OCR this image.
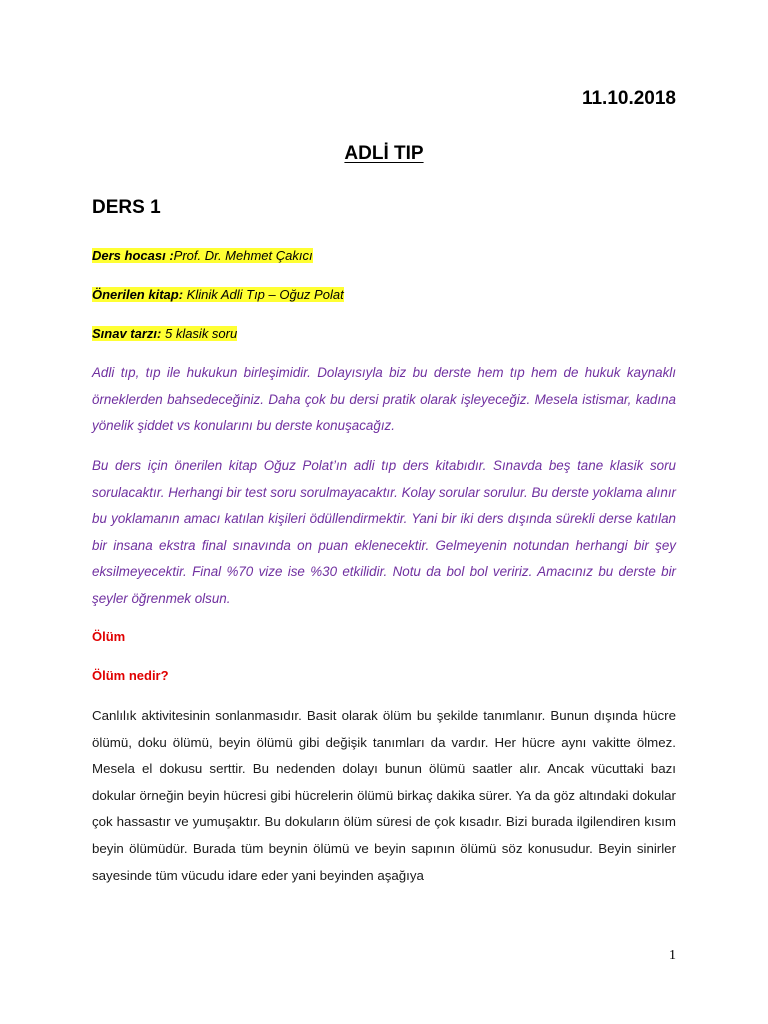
11.10.2018
ADLİ TIP
DERS 1
Ders hocası :Prof. Dr. Mehmet Çakıcı
Önerilen kitap: Klinik Adli Tıp – Oğuz Polat
Sınav tarzı: 5 klasik soru

Adli tıp, tıp ile hukukun birleşimidir. Dolayısıyla biz bu derste hem tıp hem de hukuk kaynaklı örneklerden bahsedeceğiniz. Daha çok bu dersi pratik olarak işleyeceğiz. Mesela istismar, kadına yönelik şiddet vs konularını bu derste konuşacağız.

Bu ders için önerilen kitap Oğuz Polat’ın adli tıp ders kitabıdır. Sınavda beş tane klasik soru sorulacaktır. Herhangi bir test soru sorulmayacaktır. Kolay sorular sorulur. Bu derste yoklama alınır bu yoklamanın amacı katılan kişileri ödüllendirmektir. Yani bir iki ders dışında sürekli derse katılan bir insana ekstra final sınavında on puan eklenecektir. Gelmeyenin notundan herhangi bir şey eksilmeyecektir. Final %70 vize ise %30 etkilidir. Notu da bol bol veririz. Amacınız bu derste bir şeyler öğrenmek olsun.

Ölüm
Ölüm nedir?

Canlılık aktivitesinin sonlanmasıdır. Basit olarak ölüm bu şekilde tanımlanır. Bunun dışında hücre ölümü, doku ölümü, beyin ölümü gibi değişik tanımları da vardır. Her hücre aynı vakitte ölmez. Mesela el dokusu serttir. Bu nedenden dolayı bunun ölümü saatler alır. Ancak vücuttaki bazı dokular örneğin beyin hücresi gibi hücrelerin ölümü birkaç dakika sürer. Ya da göz altındaki dokular çok hassastır ve yumuşaktır. Bu dokuların ölüm süresi de çok kısadır. Bizi burada ilgilendiren kısım beyin ölümüdür. Burada tüm beynin ölümü ve beyin sapının ölümü söz konusudur. Beyin sinirler sayesinde tüm vücudu idare eder yani beyinden aşağıya

1
